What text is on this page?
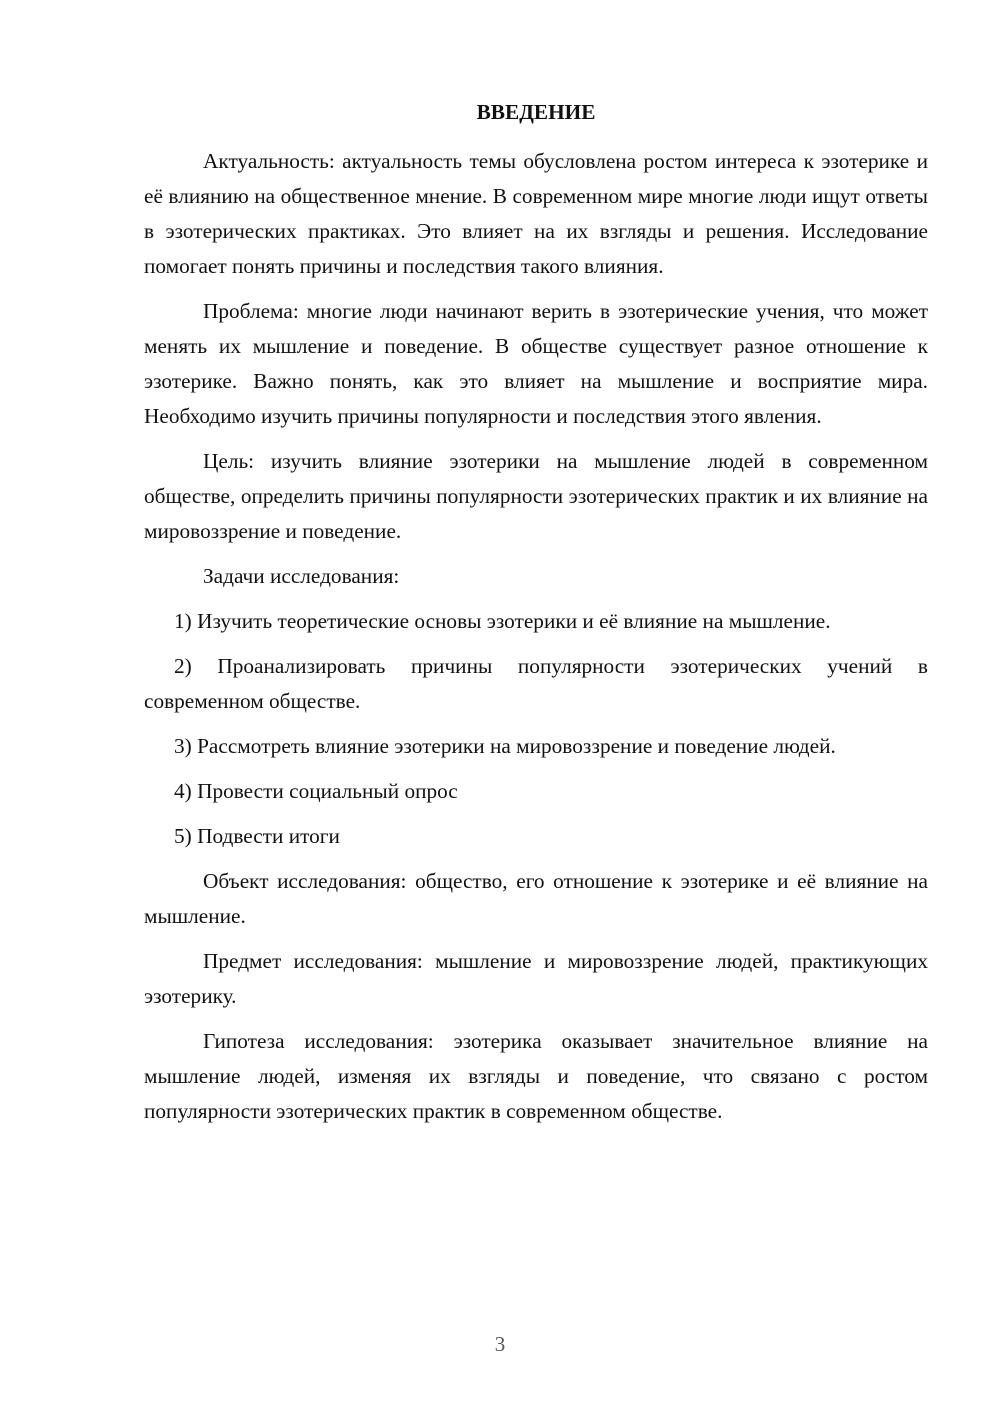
ВВЕДЕНИЕ

Актуальность: актуальность темы обусловлена ростом интереса к эзотерике и её влиянию на общественное мнение. В современном мире многие люди ищут ответы в эзотерических практиках. Это влияет на их взгляды и решения. Исследование помогает понять причины и последствия такого влияния.

Проблема: многие люди начинают верить в эзотерические учения, что может менять их мышление и поведение. В обществе существует разное отношение к эзотерике. Важно понять, как это влияет на мышление и восприятие мира. Необходимо изучить причины популярности и последствия этого явления.

Цель: изучить влияние эзотерики на мышление людей в современном обществе, определить причины популярности эзотерических практик и их влияние на мировоззрение и поведение.

Задачи исследования:

1) Изучить теоретические основы эзотерики и её влияние на мышление.

2) Проанализировать причины популярности эзотерических учений в современном обществе.

3) Рассмотреть влияние эзотерики на мировоззрение и поведение людей.

4) Провести социальный опрос

5) Подвести итоги

Объект исследования: общество, его отношение к эзотерике и её влияние на мышление.

Предмет исследования: мышление и мировоззрение людей, практикующих эзотерику.

Гипотеза исследования: эзотерика оказывает значительное влияние на мышление людей, изменяя их взгляды и поведение, что связано с ростом популярности эзотерических практик в современном обществе.

3
